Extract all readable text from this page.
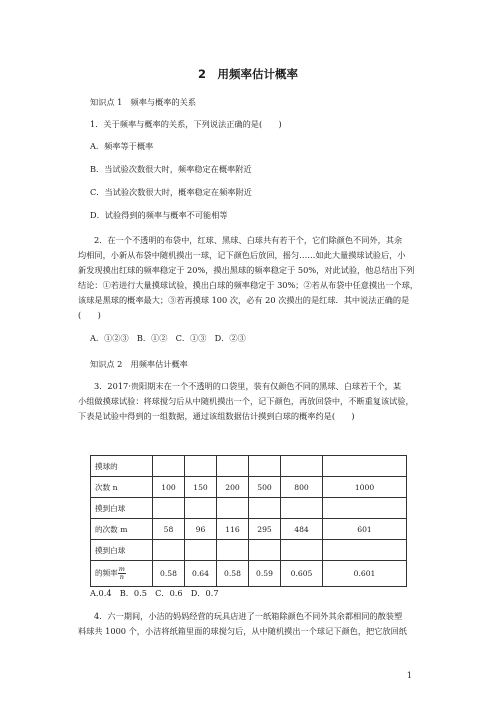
2　用频率估计概率
知识点 1　频率与概率的关系
1．关于频率与概率的关系，下列说法正确的是(　　)
A．频率等于概率
B．当试验次数很大时，频率稳定在概率附近
C．当试验次数很大时，概率稳定在频率附近
D．试验得到的频率与概率不可能相等
2．在一个不透明的布袋中，红球、黑球、白球共有若干个，它们除颜色不同外，其余
均相同，小新从布袋中随机摸出一球，记下颜色后放回，摇匀……如此大量摸球试验后，小
新发现摸出红球的频率稳定于 20%，摸出黑球的频率稳定于 50%，对此试验，他总结出下列
结论：①若进行大量摸球试验，摸出白球的频率稳定于 30%；②若从布袋中任意摸出一个球，
该球是黑球的概率最大；③若再摸球 100 次，必有 20 次摸出的是红球．其中说法正确的是
(　　)
A．①②③　B．①②　C．①③　D．②③
知识点 2　用频率估计概率
3．2017·贵阳期末在一个不透明的口袋里，装有仅颜色不同的黑球、白球若干个，某
小组做摸球试验：将球搅匀后从中随机摸出一个，记下颜色，再放回袋中，不断重复该试验，
下表是试验中得到的一组数据，通过该组数据估计摸到白球的概率约是(　　)
摸球的						
次数 n	100	150	200	500	800	1000
摸到白球						
的次数 m	58	96	116	295	484	601
摸到白球						
的频率 $\frac{m}{n}$	0.58	0.64	0.58	0.59	0.605	0.601
A.0.4　B．0.5　C．0.6　D．0.7
4．六一期间，小洁的妈妈经营的玩具店进了一纸箱除颜色不同外其余都相同的散装塑
料球共 1000 个，小洁将纸箱里面的球搅匀后，从中随机摸出一个球记下颜色，把它放回纸
1
